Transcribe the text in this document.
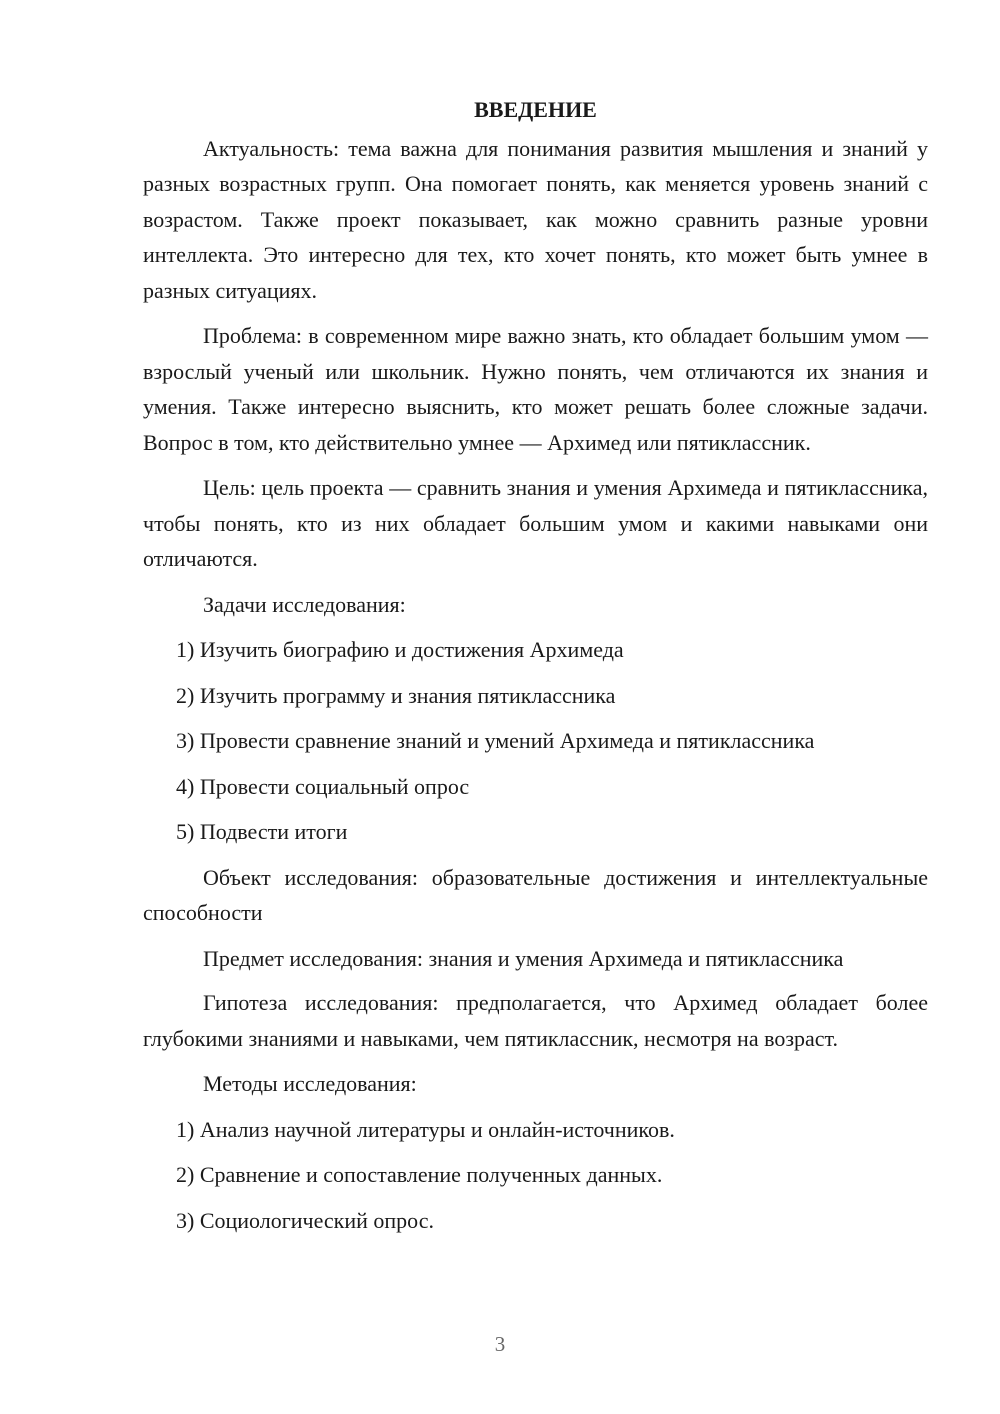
ВВЕДЕНИЕ

Актуальность: тема важна для понимания развития мышления и знаний у разных возрастных групп. Она помогает понять, как меняется уровень знаний с возрастом. Также проект показывает, как можно сравнить разные уровни интеллекта. Это интересно для тех, кто хочет понять, кто может быть умнее в разных ситуациях.

Проблема: в современном мире важно знать, кто обладает большим умом — взрослый ученый или школьник. Нужно понять, чем отличаются их знания и умения. Также интересно выяснить, кто может решать более сложные задачи. Вопрос в том, кто действительно умнее — Архимед или пятиклассник.

Цель: цель проекта — сравнить знания и умения Архимеда и пятиклассника, чтобы понять, кто из них обладает большим умом и какими навыками они отличаются.

Задачи исследования:

1) Изучить биографию и достижения Архимеда

2) Изучить программу и знания пятиклассника

3) Провести сравнение знаний и умений Архимеда и пятиклассника

4) Провести социальный опрос

5) Подвести итоги

Объект исследования: образовательные достижения и интеллектуальные способности

Предмет исследования: знания и умения Архимеда и пятиклассника

Гипотеза исследования: предполагается, что Архимед обладает более глубокими знаниями и навыками, чем пятиклассник, несмотря на возраст.

Методы исследования:

1) Анализ научной литературы и онлайн-источников.

2) Сравнение и сопоставление полученных данных.

3) Социологический опрос.

3
